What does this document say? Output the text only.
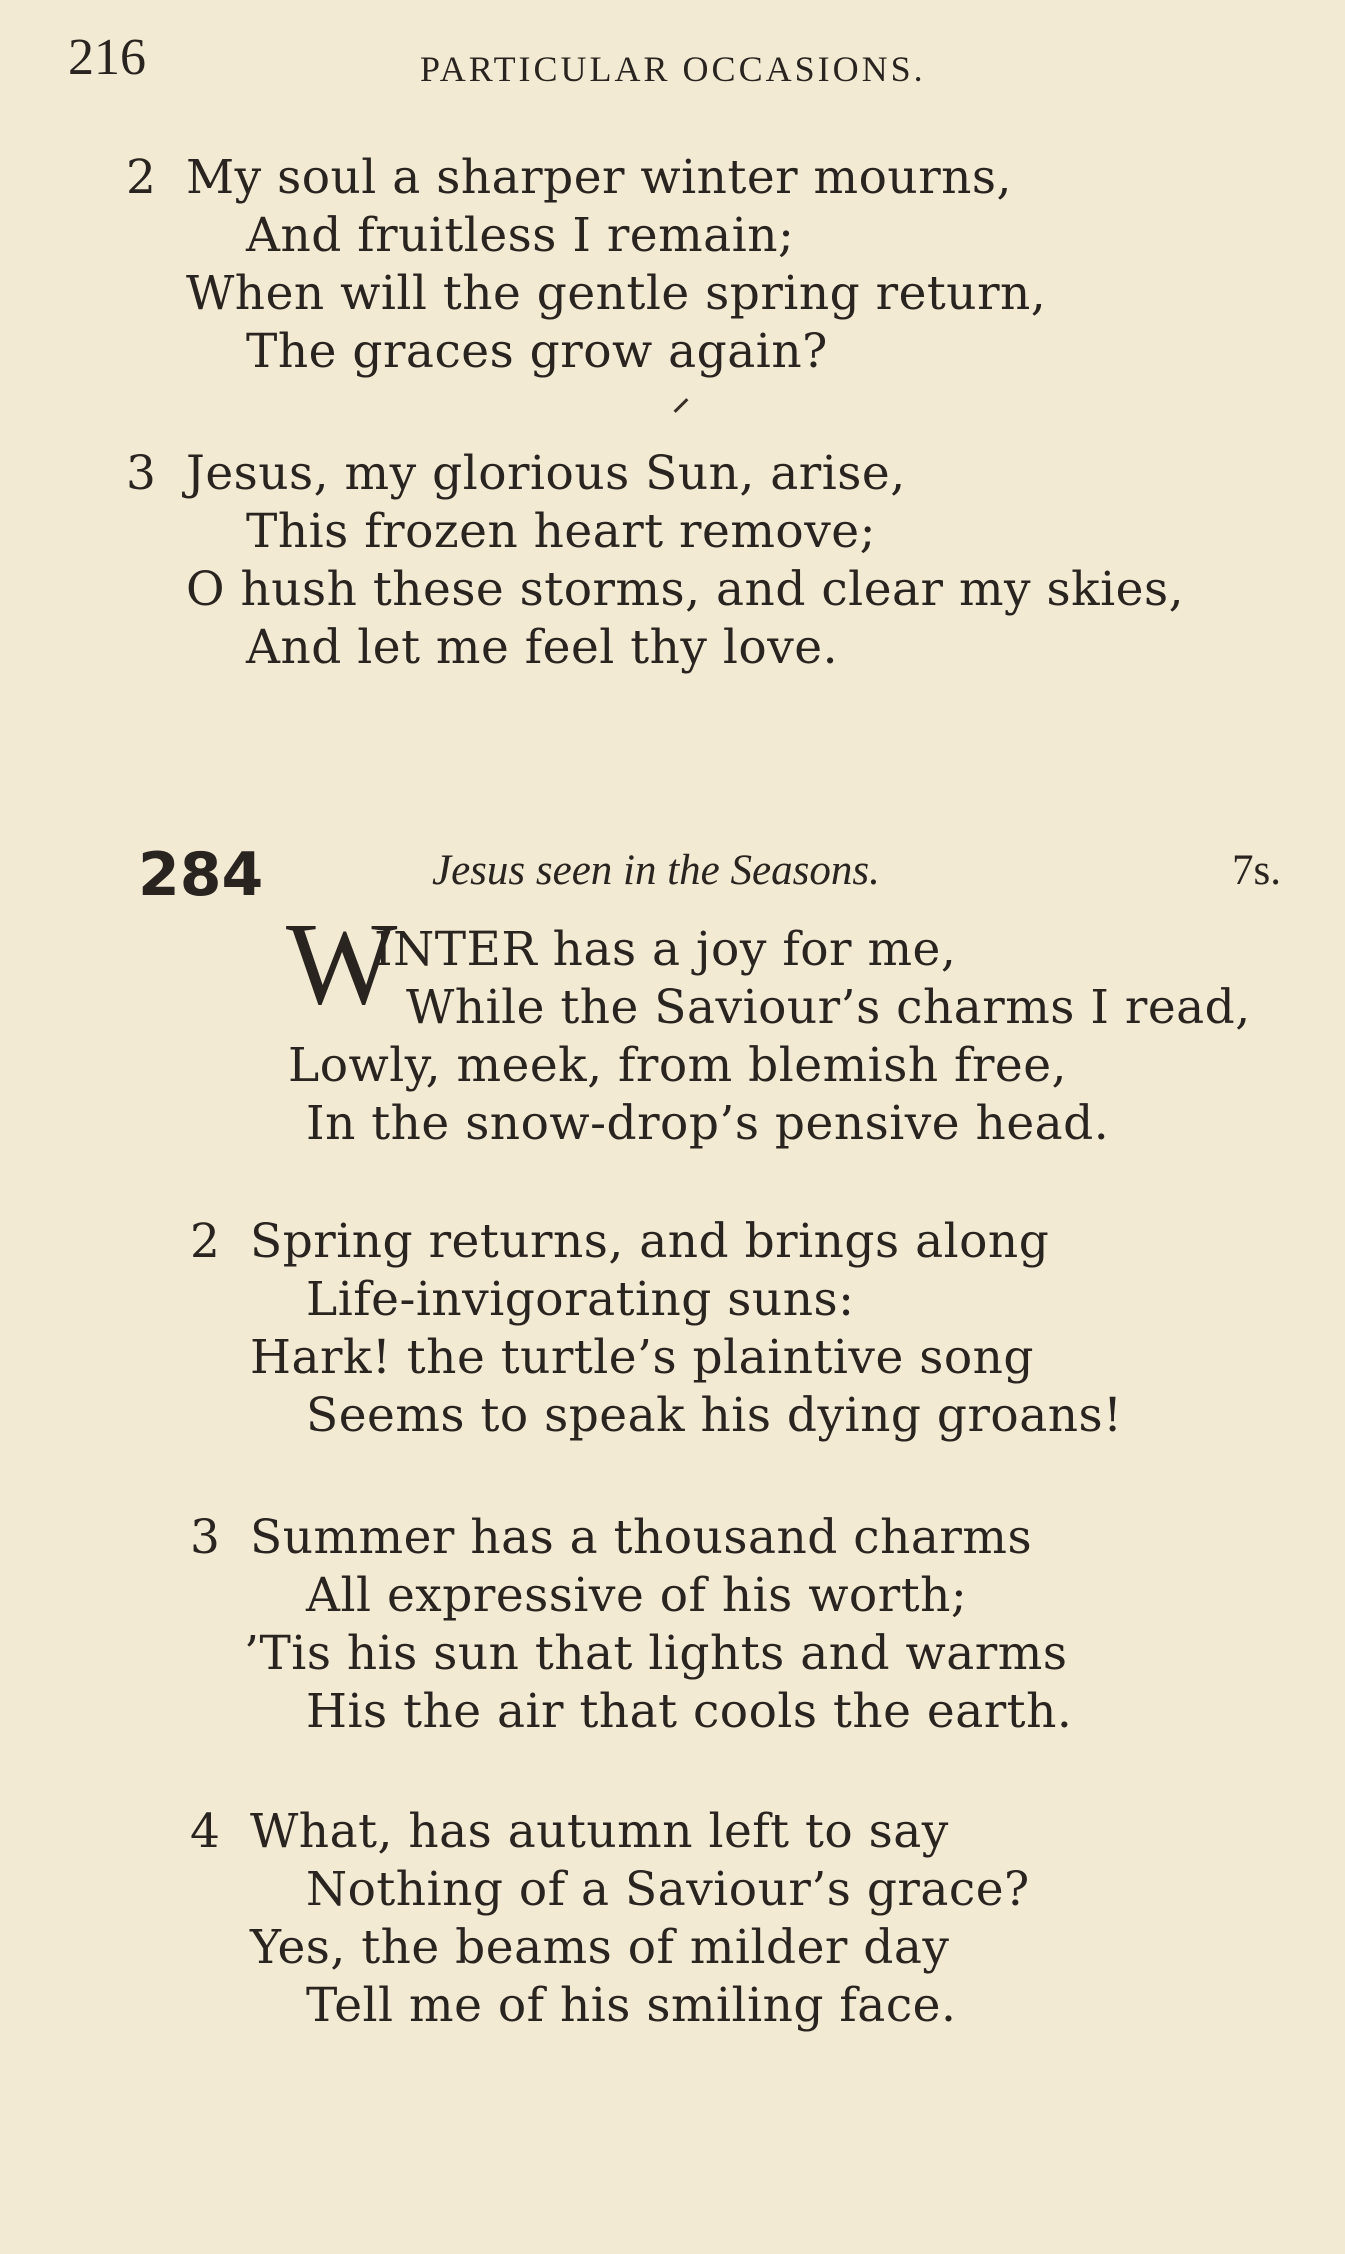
216	PARTICULAR OCCASIONS.
2 My soul a sharper winter mourns,
And fruitless I remain;
When will the gentle spring return,
The graces grow again?
3 Jesus, my glorious Sun, arise,
This frozen heart remove;
O hush these storms, and clear my skies,
And let me feel thy love.
284	Jesus seen in the Seasons.	7s.
W
INTER has a joy for me,
While the Saviour’s charms I read,
Lowly, meek, from blemish free,
In the snow-drop’s pensive head.
2 Spring returns, and brings along
Life-invigorating suns:
Hark! the turtle’s plaintive song
Seems to speak his dying groans!
3 Summer has a thousand charms
All expressive of his worth;
’Tis his sun that lights and warms
His the air that cools the earth.
4 What, has autumn left to say
Nothing of a Saviour’s grace?
Yes, the beams of milder day
Tell me of his smiling face.
